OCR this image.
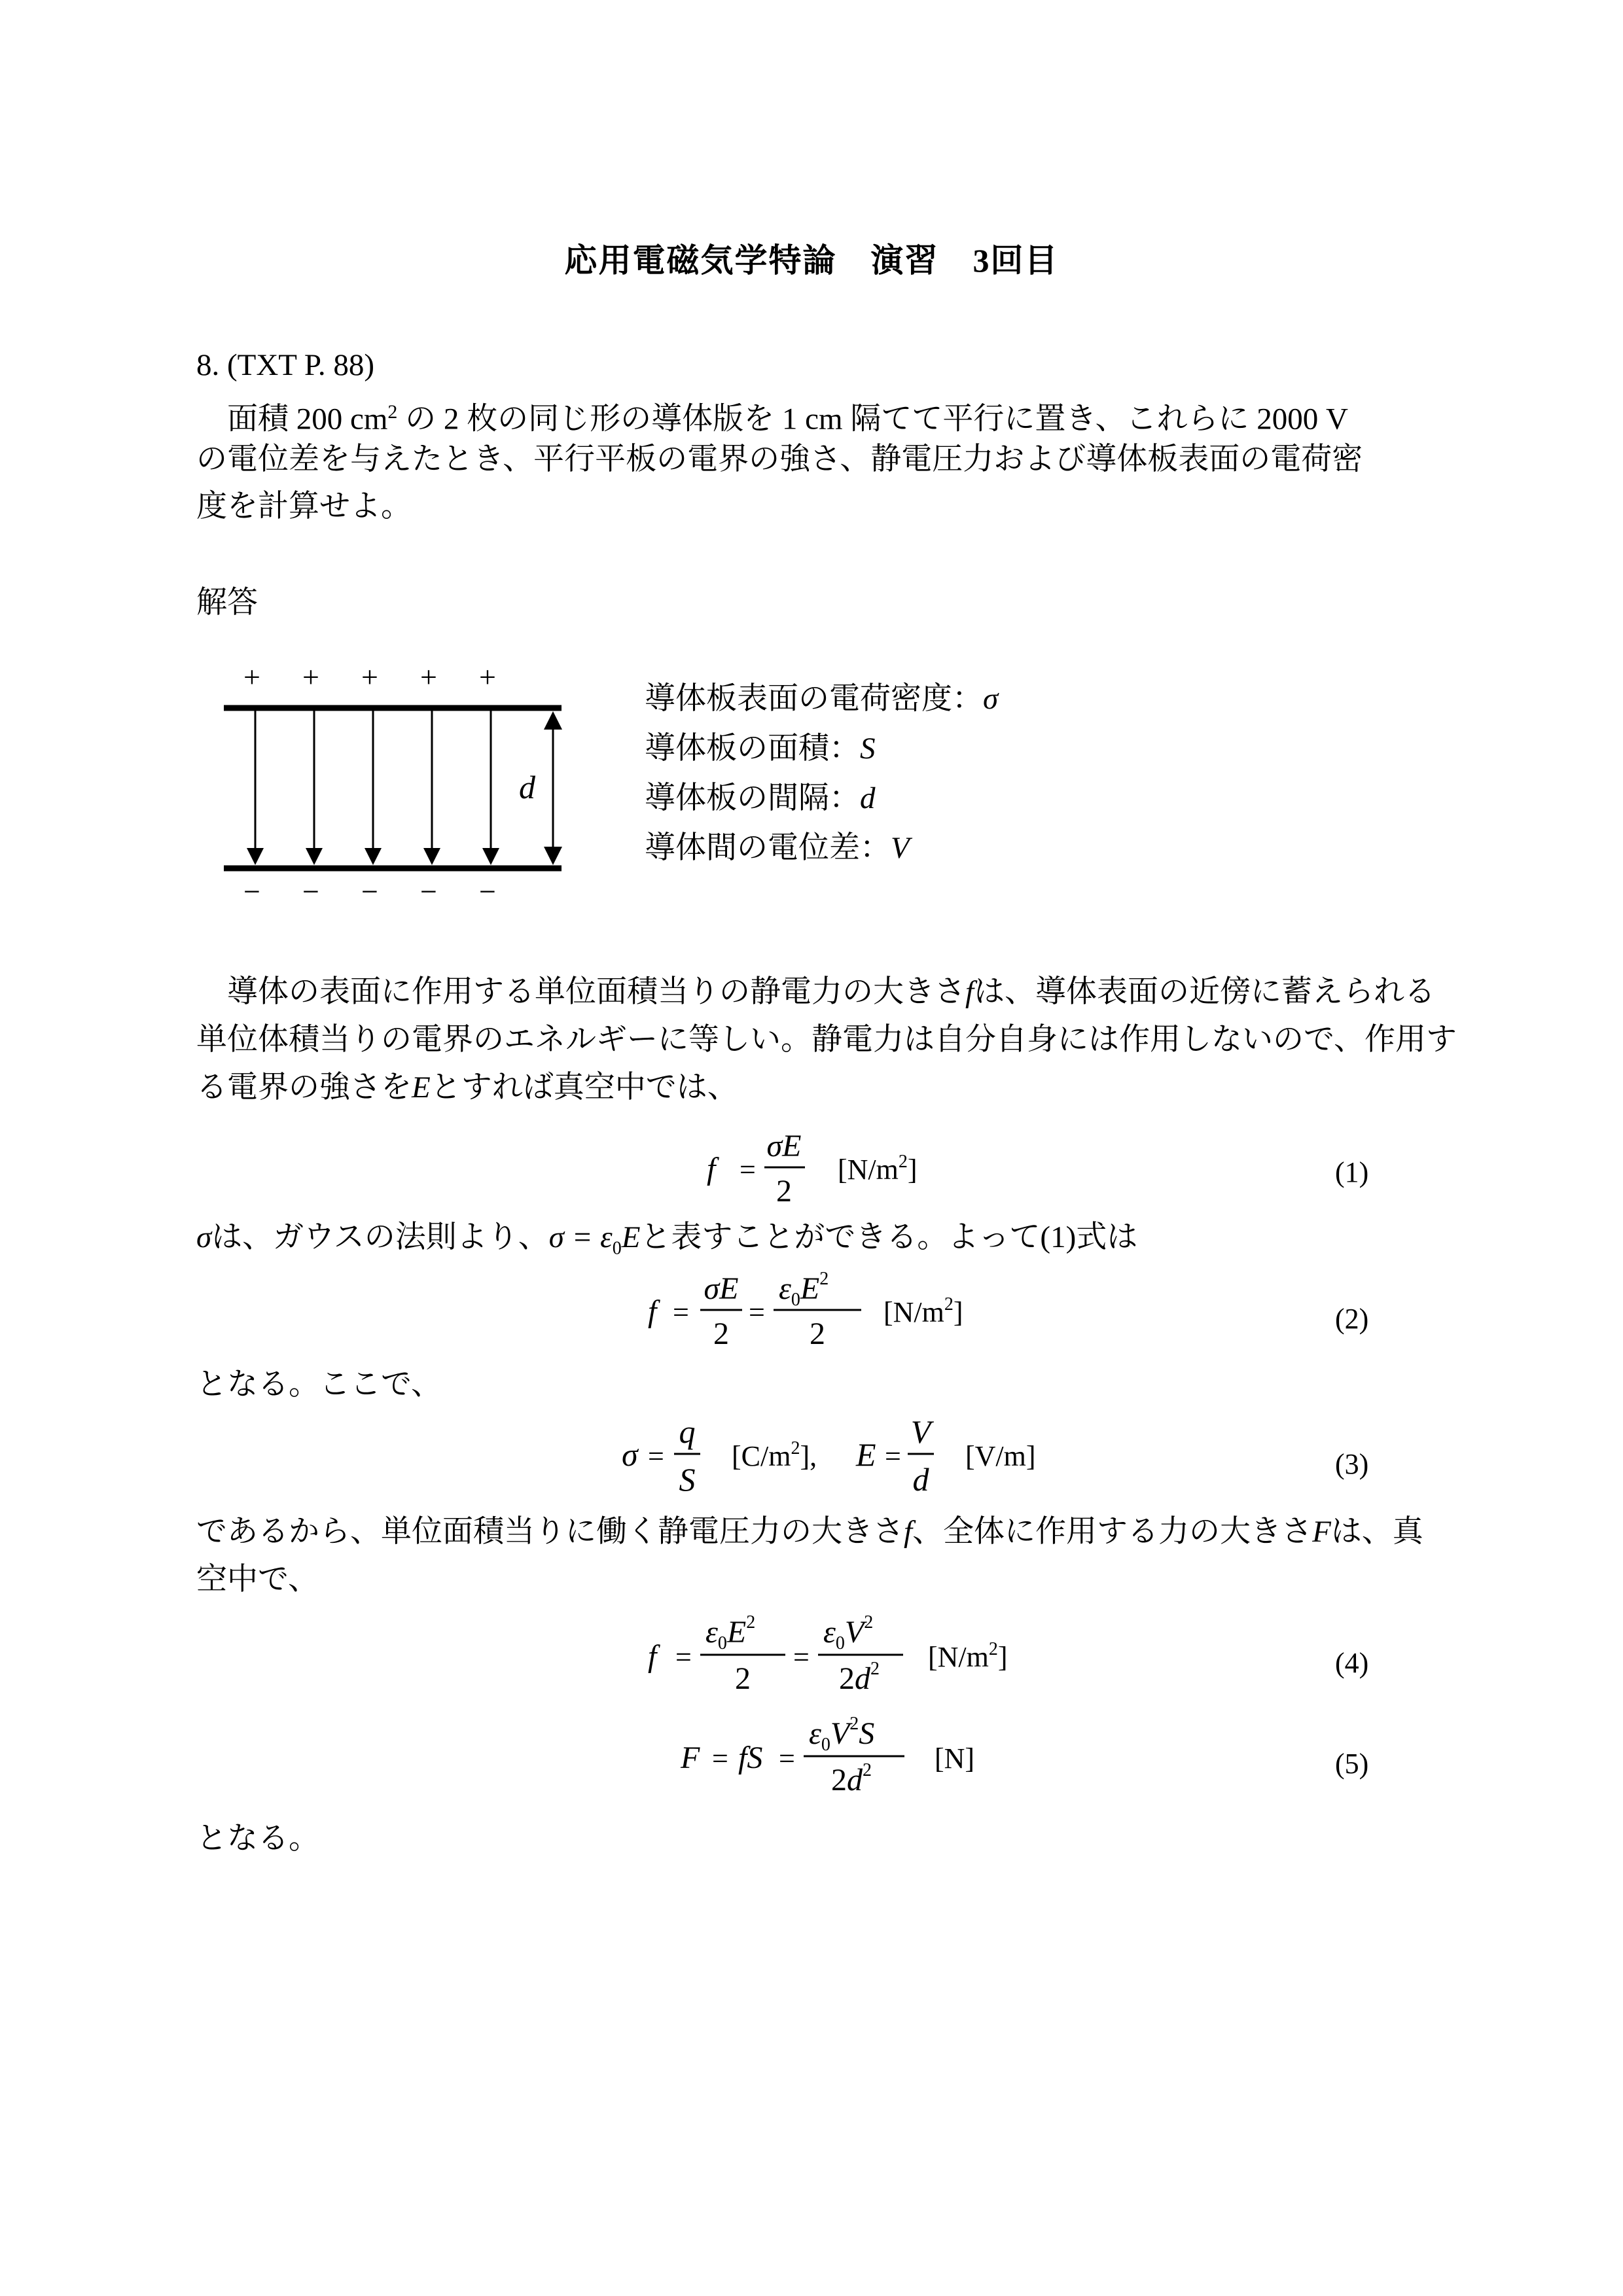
応用電磁気学特論　演習　3回目
8. (TXT P. 88)
面積 200 $cm^2$ の 2 枚の同じ形の導体版を 1 cm 隔てて平行に置き、これらに 2000 V
の電位差を与えたとき、平行平板の電界の強さ、静電圧力および導体板表面の電荷密
度を計算せよ。
解答
+ + + + +
d
− − − − −
導体板表面の電荷密度：σ
導体板の面積：S
導体板の間隔：d
導体間の電位差：V
導体の表面に作用する単位面積当りの静電力の大きさfは、導体表面の近傍に蓄えられる
単位体積当りの電界のエネルギーに等しい。静電力は自分自身には作用しないので、作用す
る電界の強さをEとすれば真空中では、
f =
σE
2
$[N/m^2]$	(1)
σは、ガウスの法則より、$\sigma = \varepsilon_0E$と表すことができる。よって(1)式は
f =
σE
2
=
$\varepsilon_0E^2$
2
$[N/m^2]$	(2)
となる。ここで、
σ =
q
S
$[C/m^2]$, E =
V
d
[V/m]	(3)
であるから、単位面積当りに働く静電圧力の大きさf、全体に作用する力の大きさFは、真
空中で、
f =
$\varepsilon_0E^2$
2
=
$\varepsilon_0V^2$
$2d^2$ $[N/m^2]$	(4)
F = fS =
$\varepsilon_0V^2S$
$2d^2$ [N]	(5)
となる。
